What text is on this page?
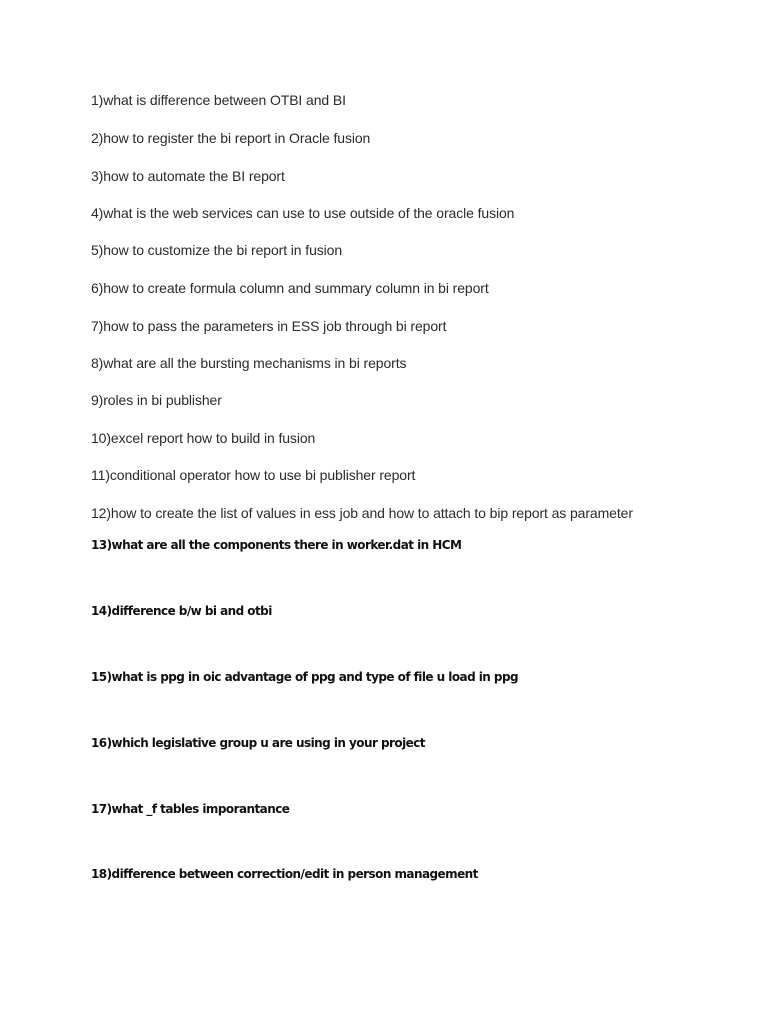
1)what is difference between OTBI and BI

2)how to register the bi report in Oracle fusion

3)how to automate the BI report

4)what is the web services can use to use outside of the oracle fusion

5)how to customize the bi report in fusion

6)how to create formula column and summary column in bi report

7)how to pass the parameters in ESS job through bi report

8)what are all the bursting mechanisms in bi reports

9)roles in bi publisher

10)excel report how to build in fusion

11)conditional operator how to use bi publisher report

12)how to create the list of values in ess job and how to attach to bip report as parameter

13)what are all the components there in worker.dat in HCM

14)difference b/w bi and otbi

15)what is ppg in oic advantage of ppg and type of file u load in ppg

16)which legislative group u are using in your project

17)what _f tables imporantance

18)difference between correction/edit in person management
